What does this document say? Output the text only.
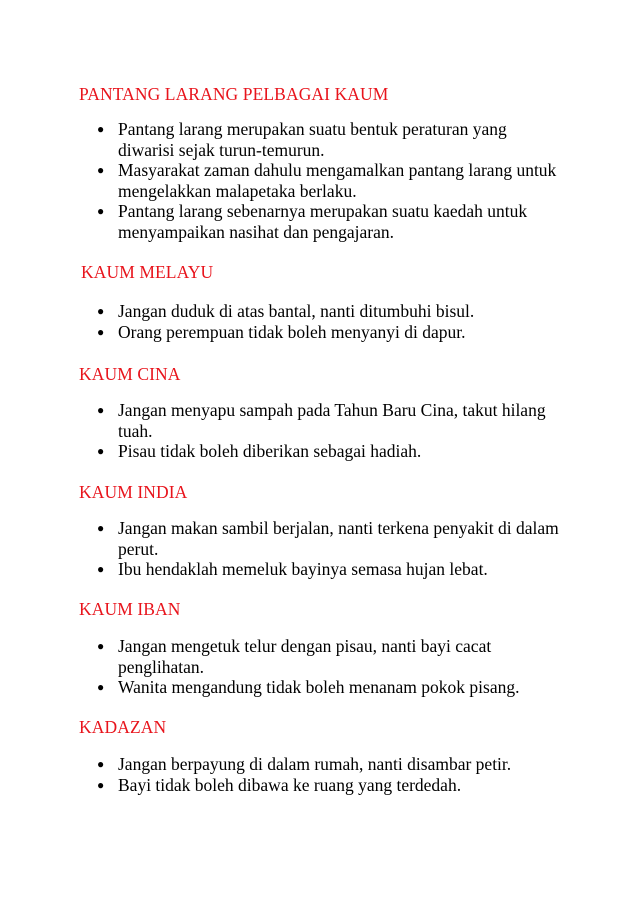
PANTANG LARANG PELBAGAI KAUM
● Pantang larang merupakan suatu bentuk peraturan yang diwarisi sejak turun-temurun.
● Masyarakat zaman dahulu mengamalkan pantang larang untuk mengelakkan malapetaka berlaku.
● Pantang larang sebenarnya merupakan suatu kaedah untuk menyampaikan nasihat dan pengajaran.
KAUM MELAYU
● Jangan duduk di atas bantal, nanti ditumbuhi bisul.
● Orang perempuan tidak boleh menyanyi di dapur.
KAUM CINA
● Jangan menyapu sampah pada Tahun Baru Cina, takut hilang tuah.
● Pisau tidak boleh diberikan sebagai hadiah.
KAUM INDIA
● Jangan makan sambil berjalan, nanti terkena penyakit di dalam perut.
● Ibu hendaklah memeluk bayinya semasa hujan lebat.
KAUM IBAN
● Jangan mengetuk telur dengan pisau, nanti bayi cacat penglihatan.
● Wanita mengandung tidak boleh menanam pokok pisang.
KADAZAN
● Jangan berpayung di dalam rumah, nanti disambar petir.
● Bayi tidak boleh dibawa ke ruang yang terdedah.
